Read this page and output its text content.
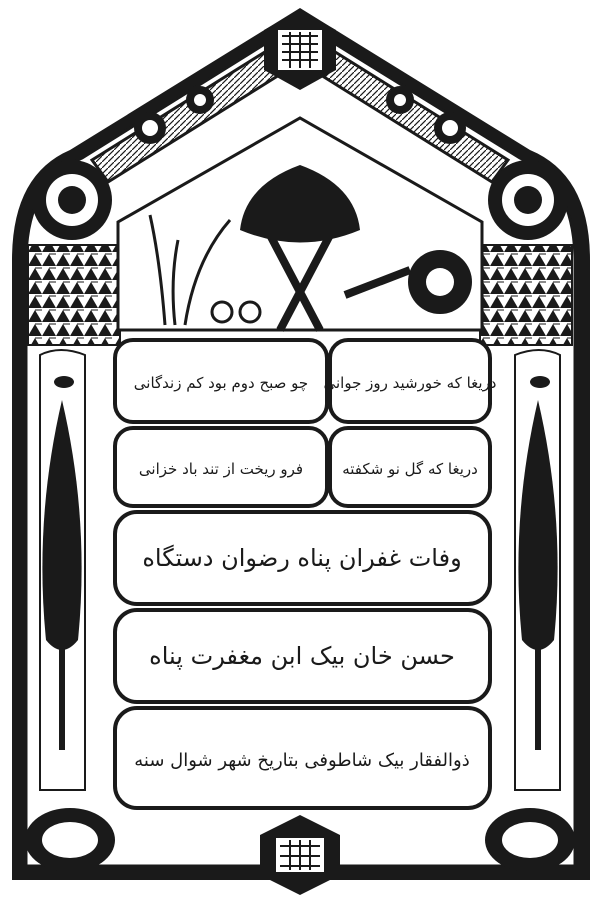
دریغا که خورشید روز جوانی
چو صبح دوم بود کم زندگانی
دریغا که گل نو شکفته
فرو ریخت از تند باد خزانی
وفات غفران پناه رضوان دستگاه
حسن خان بیک ابن مغفرت پناه
ذوالفقار بیک شاطوفی بتاریخ شهر شوال سنه
